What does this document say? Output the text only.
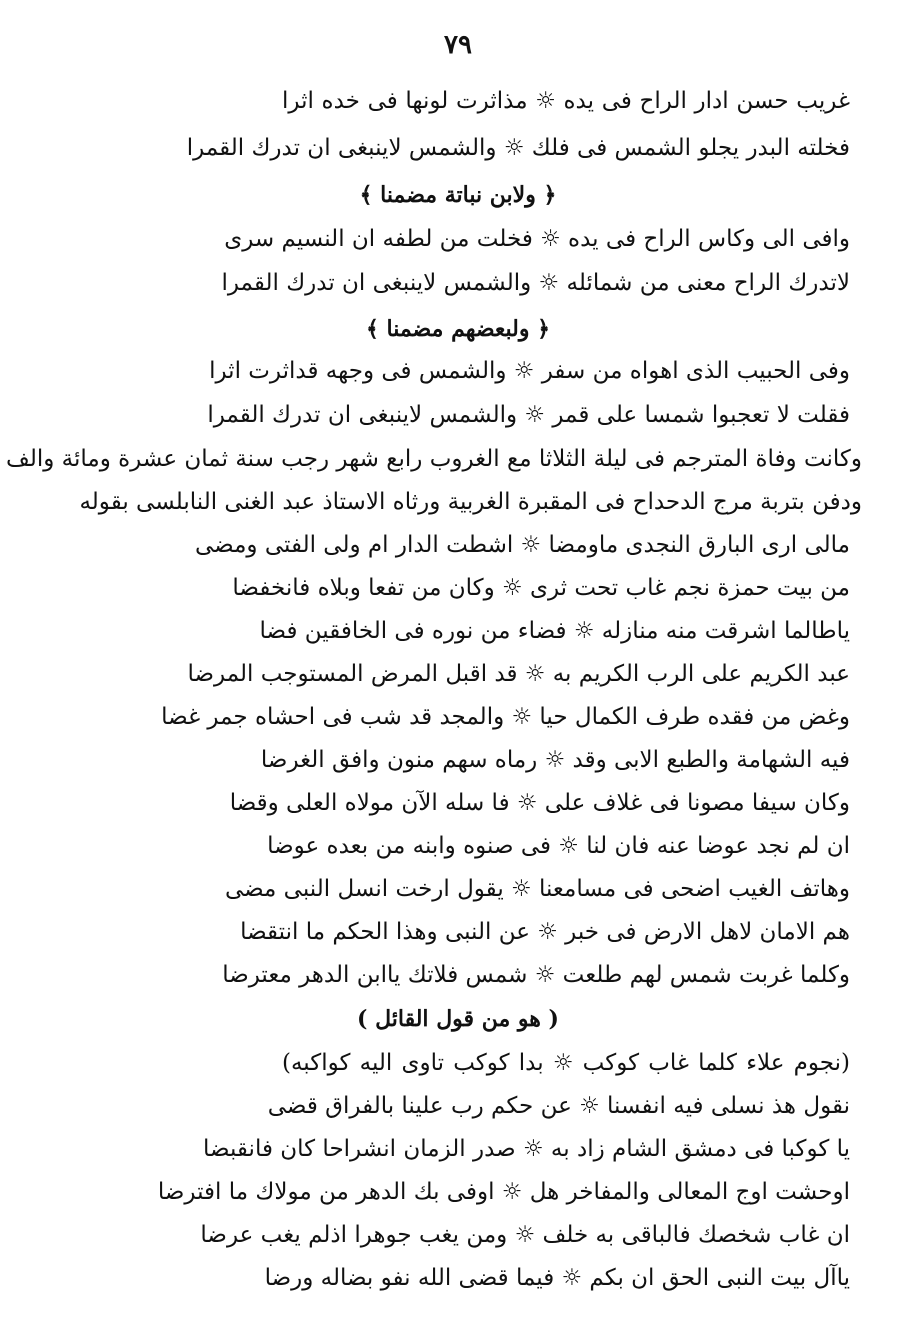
٧٩
غريب حسن ادار الراح فى يده ☼ مذاثرت لونها فى خده اثرا
فخلته البدر يجلو الشمس فى فلك ☼ والشمس لاينبغى ان تدرك القمرا
﴿ ولابن نباتة مضمنا ﴾
وافى الى وكاس الراح فى يده ☼ فخلت من لطفه ان النسيم سرى
لاتدرك الراح معنى من شمائله ☼ والشمس لاينبغى ان تدرك القمرا
﴿ ولبعضهم مضمنا ﴾
وفى الحبيب الذى اهواه من سفر ☼ والشمس فى وجهه قداثرت اثرا
فقلت لا تعجبوا شمسا على قمر ☼ والشمس لاينبغى ان تدرك القمرا
وكانت وفاة المترجم فى ليلة الثلاثا مع الغروب رابع شهر رجب سنة ثمان عشرة ومائة والف
ودفن بتربة مرج الدحداح فى المقبرة الغربية ورثاه الاستاذ عبد الغنى النابلسى بقوله
مالى ارى البارق النجدى ماومضا ☼ اشطت الدار ام ولى الفتى ومضى
من بيت حمزة نجم غاب تحت ثرى ☼ وكان من تفعا وبلاه فانخفضا
ياطالما اشرقت منه منازله ☼ فضاء من نوره فى الخافقين فضا
عبد الكريم على الرب الكريم به ☼ قد اقبل المرض المستوجب المرضا
وغض من فقده طرف الكمال حيا ☼ والمجد قد شب فى احشاه جمر غضا
فيه الشهامة والطبع الابى وقد ☼ رماه سهم منون وافق الغرضا
وكان سيفا مصونا فى غلاف على ☼ فا سله الآن مولاه العلى وقضا
ان لم نجد عوضا عنه فان لنا ☼ فى صنوه وابنه من بعده عوضا
وهاتف الغيب اضحى فى مسامعنا ☼ يقول ارخت انسل النبى مضى
هم الامان لاهل الارض فى خبر ☼ عن النبى وهذا الحكم ما انتقضا
وكلما غربت شمس لهم طلعت ☼ شمس فلاتك ياابن الدهر معترضا
( هو من قول القائل )
(نجوم علاء كلما غاب كوكب ☼ بدا كوكب تاوى اليه كواكبه)
نقول هذ نسلى فيه انفسنا ☼ عن حكم رب علينا بالفراق قضى
يا كوكبا فى دمشق الشام زاد به ☼ صدر الزمان انشراحا كان فانقبضا
اوحشت اوج المعالى والمفاخر هل ☼ اوفى بك الدهر من مولاك ما افترضا
ان غاب شخصك فالباقى به خلف ☼ ومن يغب جوهرا اذلم يغب عرضا
ياآل بيت النبى الحق ان بكم ☼ فيما قضى الله نفو بضاله ورضا
